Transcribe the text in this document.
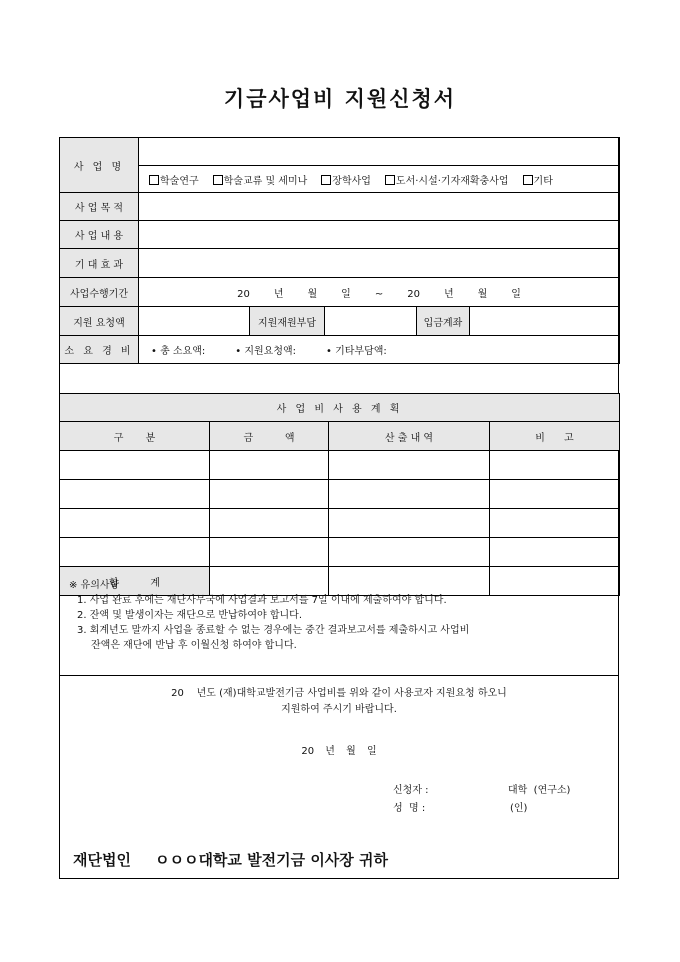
기금사업비 지원신청서
사 업 명					
	학술연구 학술교류 및 세미나 장학사업 도서·시설·기자재확충사업 기타				
사 업 목 적					
사 업 내 용					
기 대 효 과					
사업수행기간	20 년 월 일 ~ 20 년 월 일				
지원 요청액		지원재원부담		입금계좌	
소 요 경 비	• 총 소요액: • 지원요청액: • 기타부담액:				
사 업 비 사 용 계 획			
구       분	금          액	산 출 내 역	비      고

합          계			
※ 유의사항
1. 사업 완료 후에는 재단사무국에 사업결과 보고서를 7일 이내에 제출하여야 합니다.
2. 잔액 및 발생이자는 재단으로 반납하여야 합니다.
3. 회계년도 말까지 사업을 종료할 수 없는 경우에는 중간 결과보고서를 제출하시고 사업비
잔액은 재단에 반납 후 이월신청 하여야 합니다.
20    년도 (재)대학교발전기금 사업비를 위와 같이 사용코자 지원요청 하오니
지원하여 주시기 바랍니다.
20 년 월 일
신청자 :	대학  (연구소)
성  명 :	(인)
재단법인 ㅇㅇㅇ대학교 발전기금 이사장 귀하
